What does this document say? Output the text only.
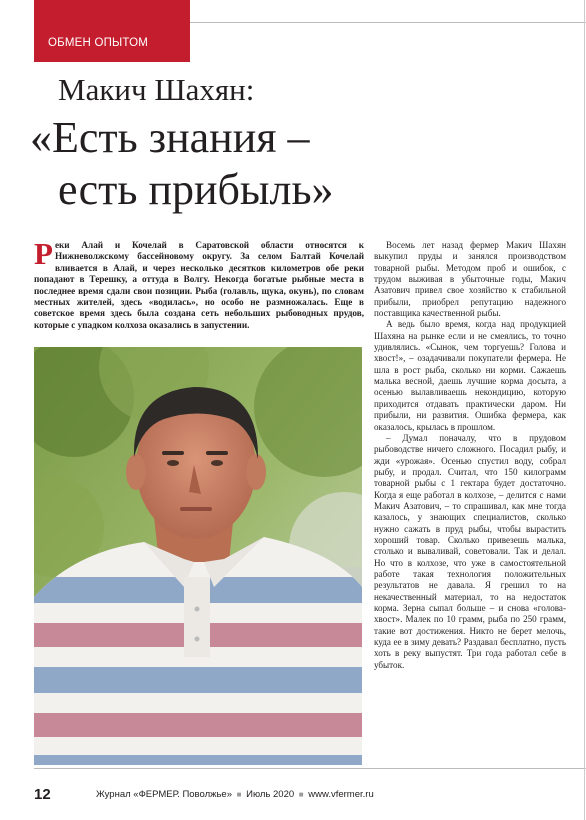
ОБМЕН ОПЫТОМ
Макич Шахян:
«Есть знания –
есть прибыль»
Реки Алай и Кочелай в Саратовской области относятся к Нижневолжскому бассейновому округу. За селом Балтай Кочелай вливается в Алай, и через несколько десятков километров обе реки попадают в Терешку, а оттуда в Волгу. Некогда богатые рыбные места в последнее время сдали свои позиции. Рыба (голавль, щука, окунь), по словам местных жителей, здесь «водилась», но особо не размножалась. Еще в советское время здесь была создана сеть небольших рыбоводных прудов, которые с упадком колхоза оказались в запустении.

Восемь лет назад фермер Макич Шахян выкупил пруды и занялся производством товарной рыбы. Методом проб и ошибок, с трудом выживая в убыточные годы, Макич Азатович привел свое хозяйство к стабильной прибыли, приобрел репутацию надежного поставщика качественной рыбы.

А ведь было время, когда над продукцией Шахяна на рынке если и не смеялись, то точно удивлялись. «Сынок, чем торгуешь? Голова и хвост!», – озадачивали покупатели фермера. Не шла в рост рыба, сколько ни корми. Сажаешь малька весной, даешь лучшие корма досыта, а осенью вылавливаешь некондицию, которую приходится отдавать практически даром. Ни прибыли, ни развития. Ошибка фермера, как оказалось, крылась в прошлом.

– Думал поначалу, что в прудовом рыбоводстве ничего сложного. Посадил рыбу, и жди «урожая». Осенью спустил воду, собрал рыбу, и продал. Считал, что 150 килограмм товарной рыбы с 1 гектара будет достаточно. Когда я еще работал в колхозе, – делится с нами Макич Азатович, – то спрашивал, как мне тогда казалось, у знающих специалистов, сколько нужно сажать в пруд рыбы, чтобы вырастить хороший товар. Сколько привезешь малька, столько и вываливай, советовали. Так и делал. Но что в колхозе, что уже в самостоятельной работе такая технология положительных результатов не давала. Я грешил то на некачественный материал, то на недостаток корма. Зерна сыпал больше – и снова «голова-хвост». Малек по 10 грамм, рыба по 250 грамм, такие вот достижения. Никто не берет мелочь, куда ее в зиму девать? Раздавал бесплатно, пусть хоть в реку выпустят. Три года работал себе в убыток.

12	Журнал «ФЕРМЕР. Поволжье» ■ Июль 2020 ■ www.vfermer.ru
